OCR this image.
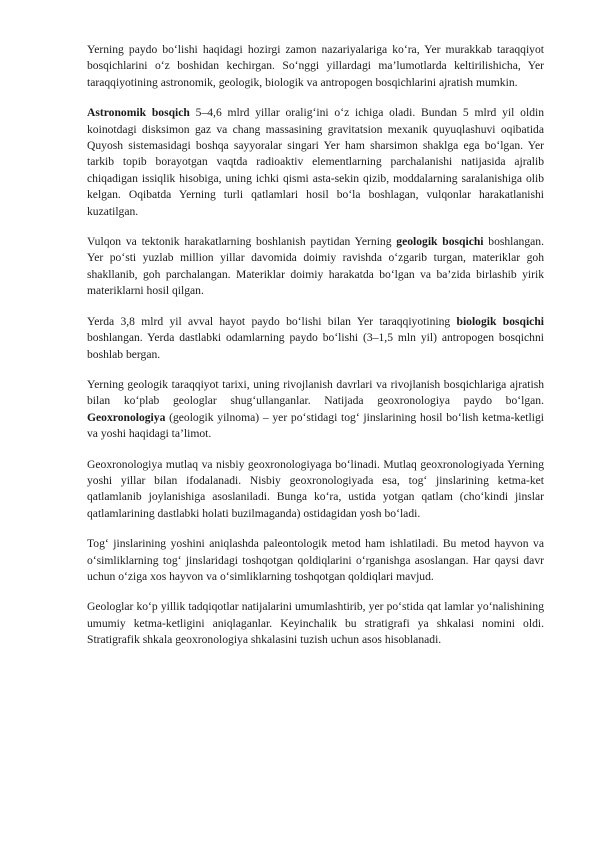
Yerning paydo bo‘lishi haqidagi hozirgi zamon nazariyalariga ko‘ra, Yer murakkab taraqqiyot bosqichlarini o‘z boshidan kechirgan. So‘nggi yillardagi ma’lumotlarda keltirilishicha, Yer taraqqiyotining astronomik, geologik, biologik va antropogen bosqichlarini ajratish mumkin.

Astronomik bosqich 5–4,6 mlrd yillar oralig‘ini o‘z ichiga oladi. Bundan 5 mlrd yil oldin koinotdagi disksimon gaz va chang massasining gravitatsion mexanik quyuqlashuvi oqibatida Quyosh sistemasidagi boshqa sayyoralar singari Yer ham sharsimon shaklga ega bo‘lgan. Yer tarkib topib borayotgan vaqtda radioaktiv elementlarning parchalanishi natijasida ajralib chiqadigan issiqlik hisobiga, uning ichki qismi asta-sekin qizib, moddalarning saralanishiga olib kelgan. Oqibatda Yerning turli qatlamlari hosil bo‘la boshlagan, vulqonlar harakatlanishi kuzatilgan.

Vulqon va tektonik harakatlarning boshlanish paytidan Yerning geologik bosqichi boshlangan. Yer po‘sti yuzlab million yillar davomida doimiy ravishda o‘zgarib turgan, materiklar goh shakllanib, goh parchalangan. Materiklar doimiy harakatda bo‘lgan va ba’zida birlashib yirik materiklarni hosil qilgan.

Yerda 3,8 mlrd yil avval hayot paydo bo‘lishi bilan Yer taraqqiyotining biologik bosqichi boshlangan. Yerda dastlabki odamlarning paydo bo‘lishi (3–1,5 mln yil) antropogen bosqichni boshlab bergan.

Yerning geologik taraqqiyot tarixi, uning rivojlanish davrlari va rivojlanish bosqichlariga ajratish bilan ko‘plab geologlar shug‘ullanganlar. Natijada geoxronologiya paydo bo‘lgan. Geoxronologiya (geologik yilnoma) – yer po‘stidagi tog‘ jinslarining hosil bo‘lish ketma-ketligi va yoshi haqidagi ta’limot.

Geoxronologiya mutlaq va nisbiy geoxronologiyaga bo‘linadi. Mutlaq geoxronologiyada Yerning yoshi yillar bilan ifodalanadi. Nisbiy geoxronologiyada esa, tog‘ jinslarining ketma-ket qatlamlanib joylanishiga asoslaniladi. Bunga ko‘ra, ustida yotgan qatlam (cho‘kindi jinslar qatlamlarining dastlabki holati buzilmaganda) ostidagidan yosh bo‘ladi.

Tog‘ jinslarining yoshini aniqlashda paleontologik metod ham ishlatiladi. Bu metod hayvon va o‘simliklarning tog‘ jinslaridagi toshqotgan qoldiqlarini o‘rganishga asoslangan. Har qaysi davr uchun o‘ziga xos hayvon va o‘simliklarning toshqotgan qoldiqlari mavjud.

Geologlar ko‘p yillik tadqiqotlar natijalarini umumlashtirib, yer po‘stida qat lamlar yo‘nalishining umumiy ketma-ketligini aniqlaganlar. Keyinchalik bu stratigrafi ya shkalasi nomini oldi. Stratigrafik shkala geoxronologiya shkalasini tuzish uchun asos hisoblanadi.
